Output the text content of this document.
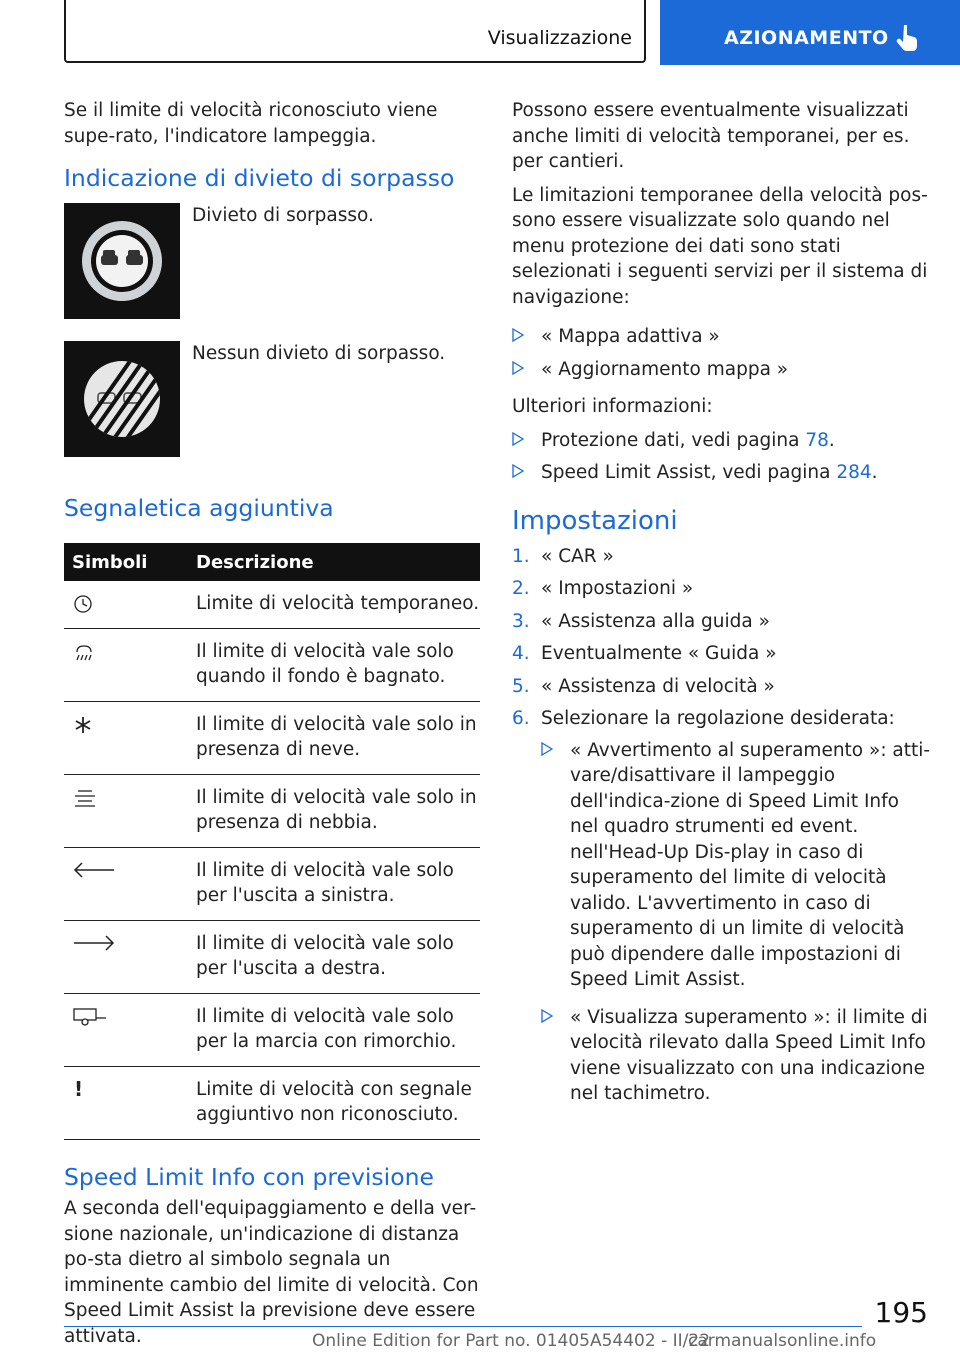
Visualizzazione	AZIONAMENTO

Se il limite di velocità riconosciuto viene supe-rato, l'indicatore lampeggia.

Indicazione di divieto di sorpasso
Divieto di sorpasso.
Nessun divieto di sorpasso.
Segnaletica aggiuntiva
Simboli	Descrizione

	Limite di velocità temporaneo.

	Il limite di velocità vale solo quando il fondo è bagnato.

	Il limite di velocità vale solo in presenza di neve.

	Il limite di velocità vale solo in presenza di nebbia.

	Il limite di velocità vale solo per l'uscita a sinistra.

	Il limite di velocità vale solo per l'uscita a destra.

	Il limite di velocità vale solo per la marcia con rimorchio.
!	Limite di velocità con segnale aggiuntivo non riconosciuto.
Speed Limit Info con previsione

A seconda dell'equipaggiamento e della ver-sione nazionale, un'indicazione di distanza po-sta dietro al simbolo segnala un imminente cambio del limite di velocità. Con Speed Limit Assist la previsione deve essere attivata.

Possono essere eventualmente visualizzati anche limiti di velocità temporanei, per es. per cantieri.

Le limitazioni temporanee della velocità pos-sono essere visualizzate solo quando nel menu protezione dei dati sono stati selezionati i seguenti servizi per il sistema di navigazione:

« Mappa adattiva »
« Aggiornamento mappa »

Ulteriori informazioni:

Protezione dati, vedi pagina 78.
Speed Limit Assist, vedi pagina 284.
Impostazioni
1. « CAR »
2. « Impostazioni »
3. « Assistenza alla guida »
4. Eventualmente « Guida »
5. « Assistenza di velocità »
6. Selezionare la regolazione desiderata:
« Avvertimento al superamento »: atti-vare/disattivare il lampeggio dell'indica-zione di Speed Limit Info nel quadro strumenti ed event. nell'Head-Up Dis-play in caso di superamento del limite di velocità valido. L'avvertimento in caso di superamento di un limite di velocità può dipendere dalle impostazioni di Speed Limit Assist.
« Visualizza superamento »: il limite di velocità rilevato dalla Speed Limit Info viene visualizzato con una indicazione nel tachimetro.
195
Online Edition for Part no. 01405A54402 - II/22
carmanualsonline.info
